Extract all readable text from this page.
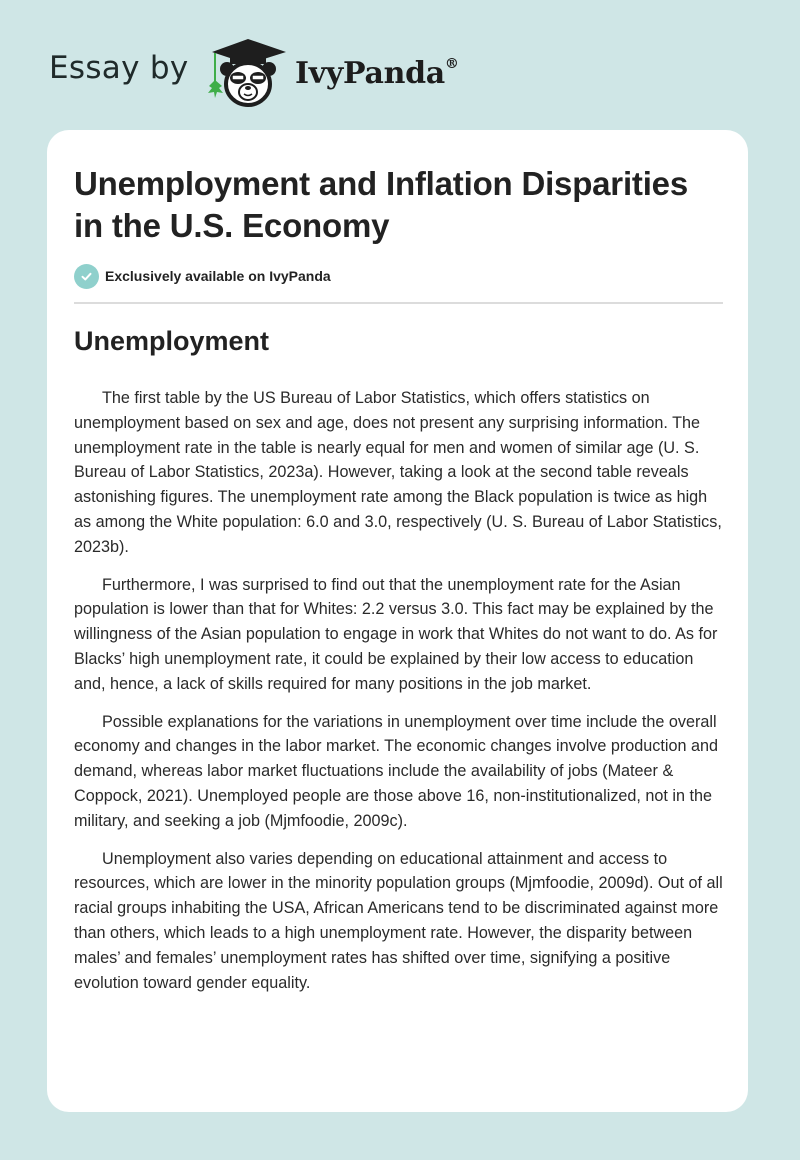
Essay by	IvyPanda®
Unemployment and Inflation Disparities in the U.S. Economy
Exclusively available on IvyPanda
Unemployment

The first table by the US Bureau of Labor Statistics, which offers statistics on unemployment based on sex and age, does not present any surprising information. The unemployment rate in the table is nearly equal for men and women of similar age (U. S. Bureau of Labor Statistics, 2023a). However, taking a look at the second table reveals astonishing figures. The unemployment rate among the Black population is twice as high as among the White population: 6.0 and 3.0, respectively (U. S. Bureau of Labor Statistics, 2023b).

Furthermore, I was surprised to find out that the unemployment rate for the Asian population is lower than that for Whites: 2.2 versus 3.0. This fact may be explained by the willingness of the Asian population to engage in work that Whites do not want to do. As for Blacks’ high unemployment rate, it could be explained by their low access to education and, hence, a lack of skills required for many positions in the job market.

Possible explanations for the variations in unemployment over time include the overall economy and changes in the labor market. The economic changes involve production and demand, whereas labor market fluctuations include the availability of jobs (Mateer & Coppock, 2021). Unemployed people are those above 16, non-institutionalized, not in the military, and seeking a job (Mjmfoodie, 2009c).

Unemployment also varies depending on educational attainment and access to resources, which are lower in the minority population groups (Mjmfoodie, 2009d). Out of all racial groups inhabiting the USA, African Americans tend to be discriminated against more than others, which leads to a high unemployment rate. However, the disparity between males’ and females’ unemployment rates has shifted over time, signifying a positive evolution toward gender equality.
